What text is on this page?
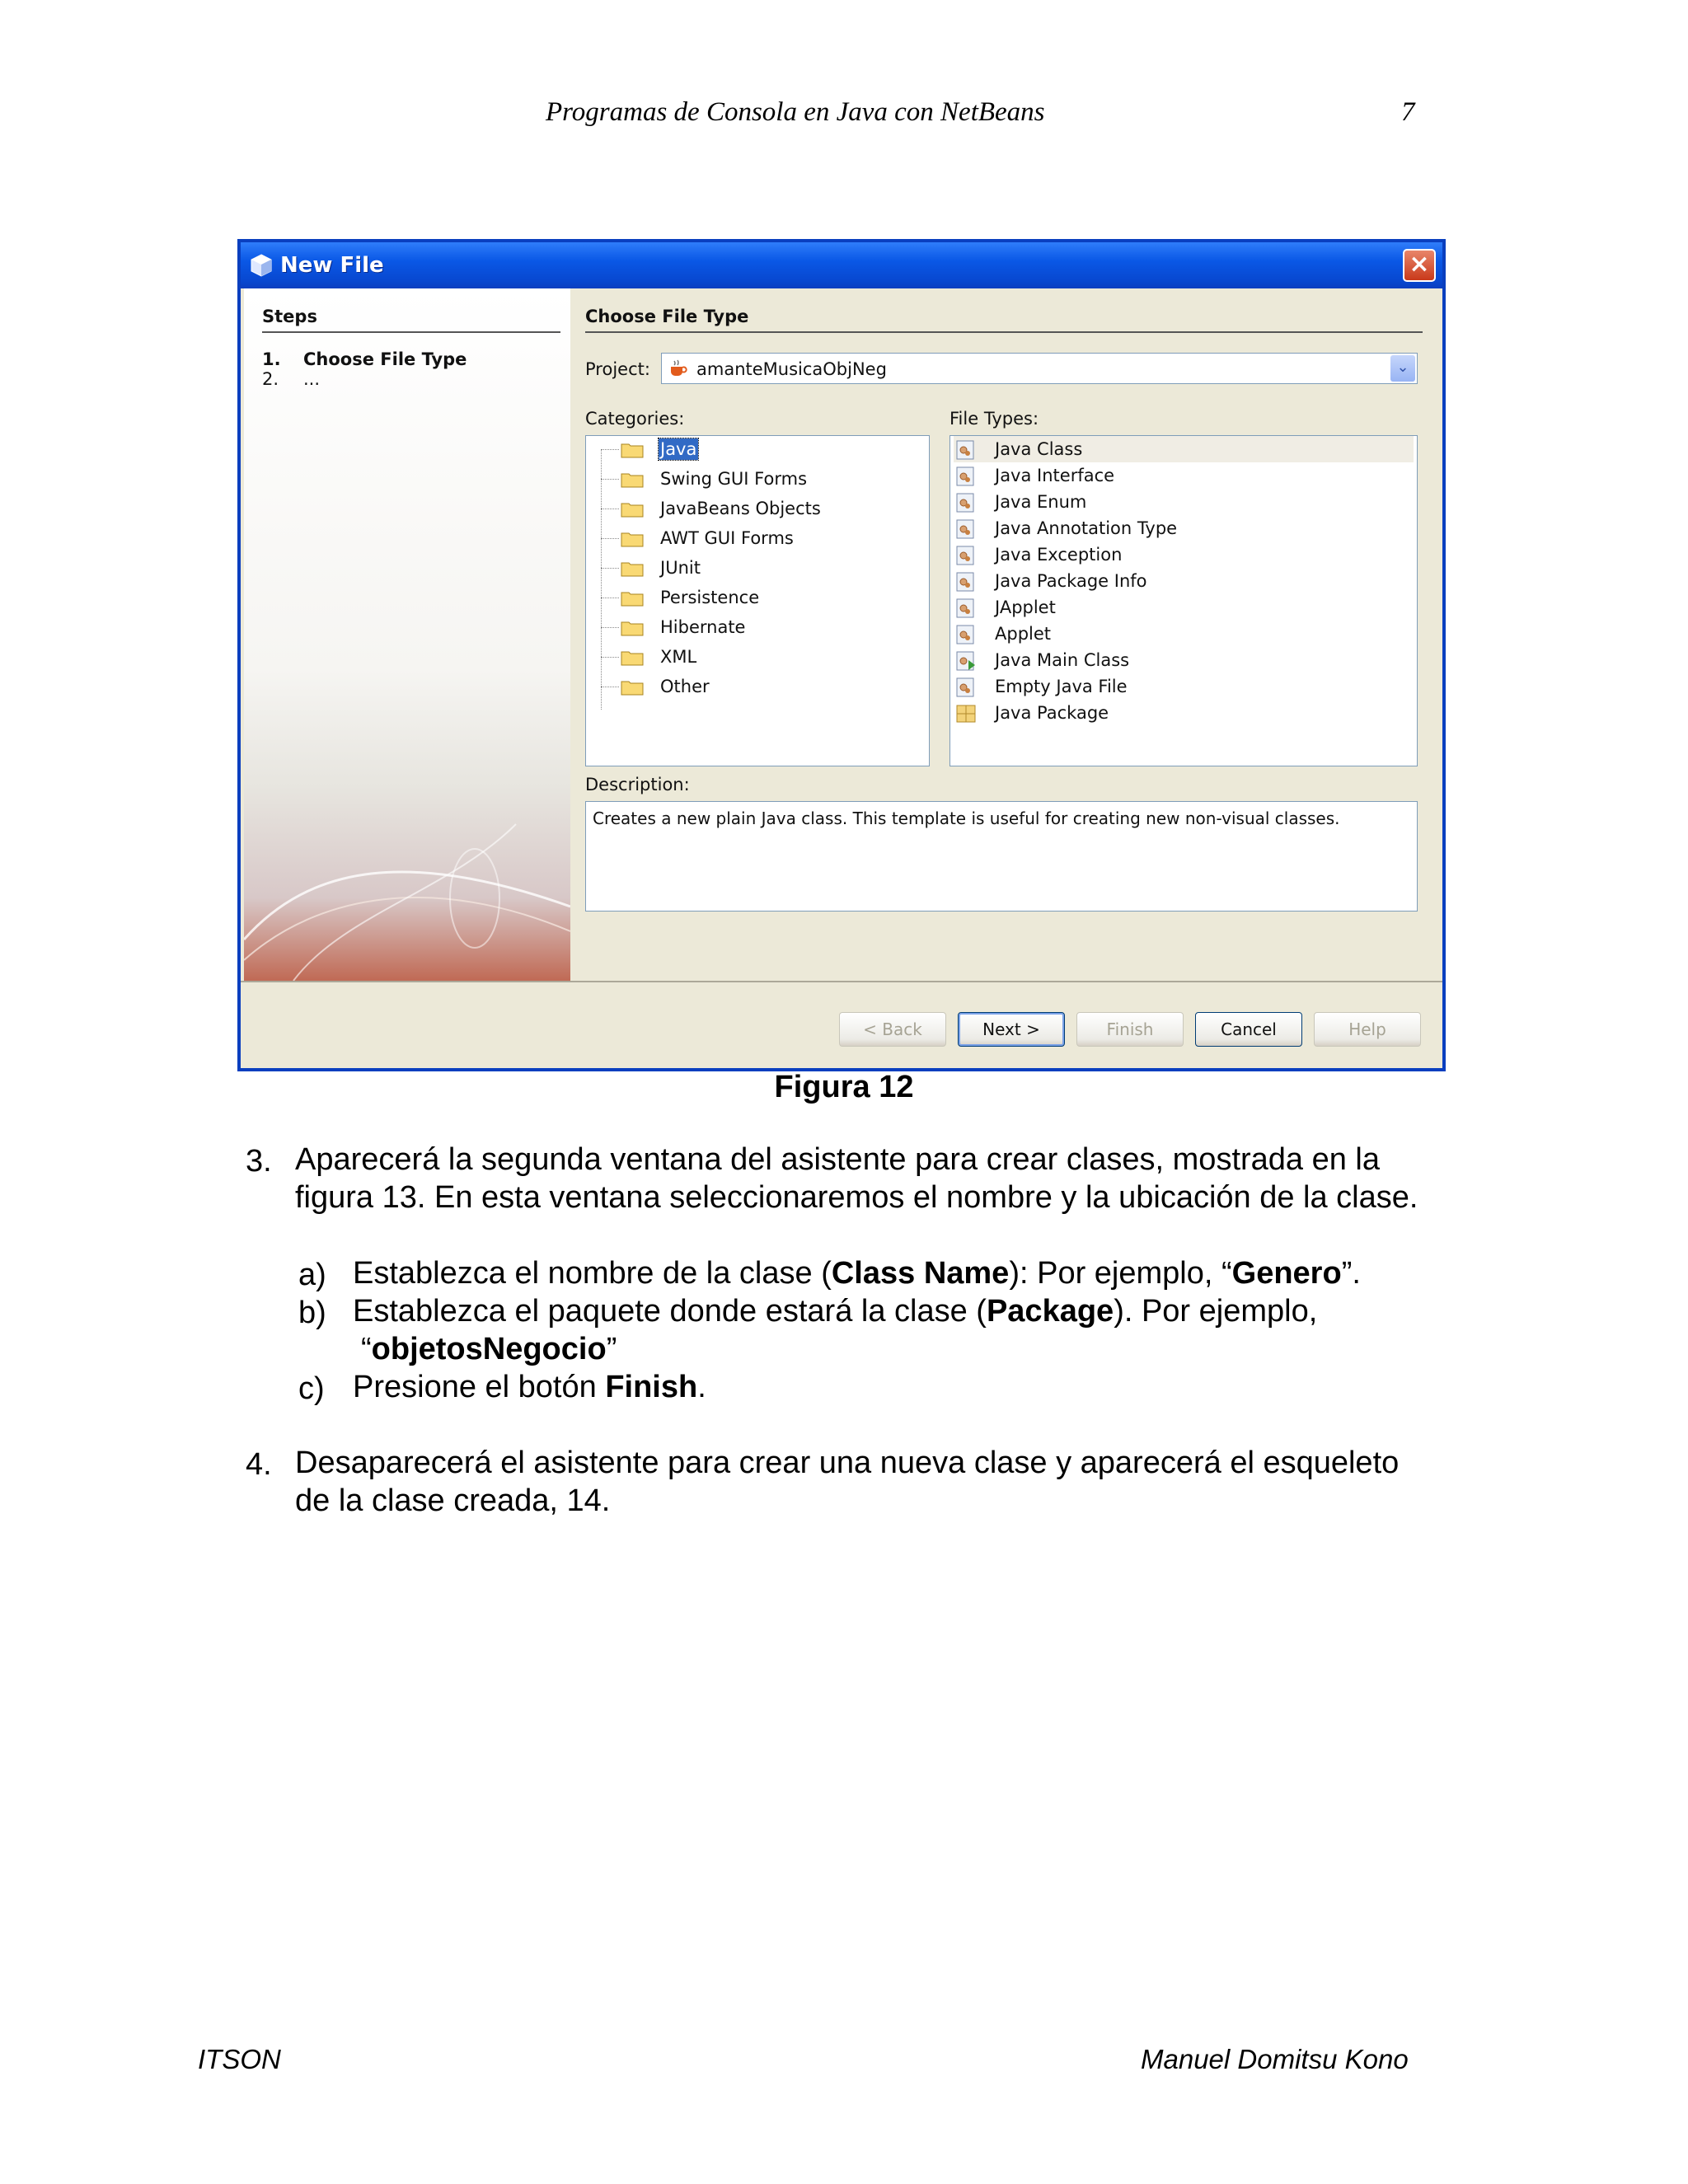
Programas de Consola en Java con NetBeans	7
New File	×
Steps
1. Choose File Type
2. ...
Choose File Type
Project:	amanteMusicaObjNeg	⌄
Categories:
Java
Swing GUI Forms
JavaBeans Objects
AWT GUI Forms
JUnit
Persistence
Hibernate
XML
Other
File Types:
Java Class
Java Interface
Java Enum
Java Annotation Type
Java Exception
Java Package Info
JApplet
Applet
Java Main Class
Empty Java File
Java Package
Description:
Creates a new plain Java class. This template is useful for creating new non-visual classes.
< Back	Next >	Finish	Cancel	Help
Figura 12
3. Aparecerá la segunda ventana del asistente para crear clases, mostrada en la
figura 13. En esta ventana seleccionaremos el nombre y la ubicación de la clase.
a) Establezca el nombre de la clase (Class Name): Por ejemplo, “Genero”.
b) Establezca el paquete donde estará la clase (Package). Por ejemplo,
“objetosNegocio”
c) Presione el botón Finish.
4. Desaparecerá el asistente para crear una nueva clase y aparecerá el esqueleto
de la clase creada, 14.
ITSON	Manuel Domitsu Kono
